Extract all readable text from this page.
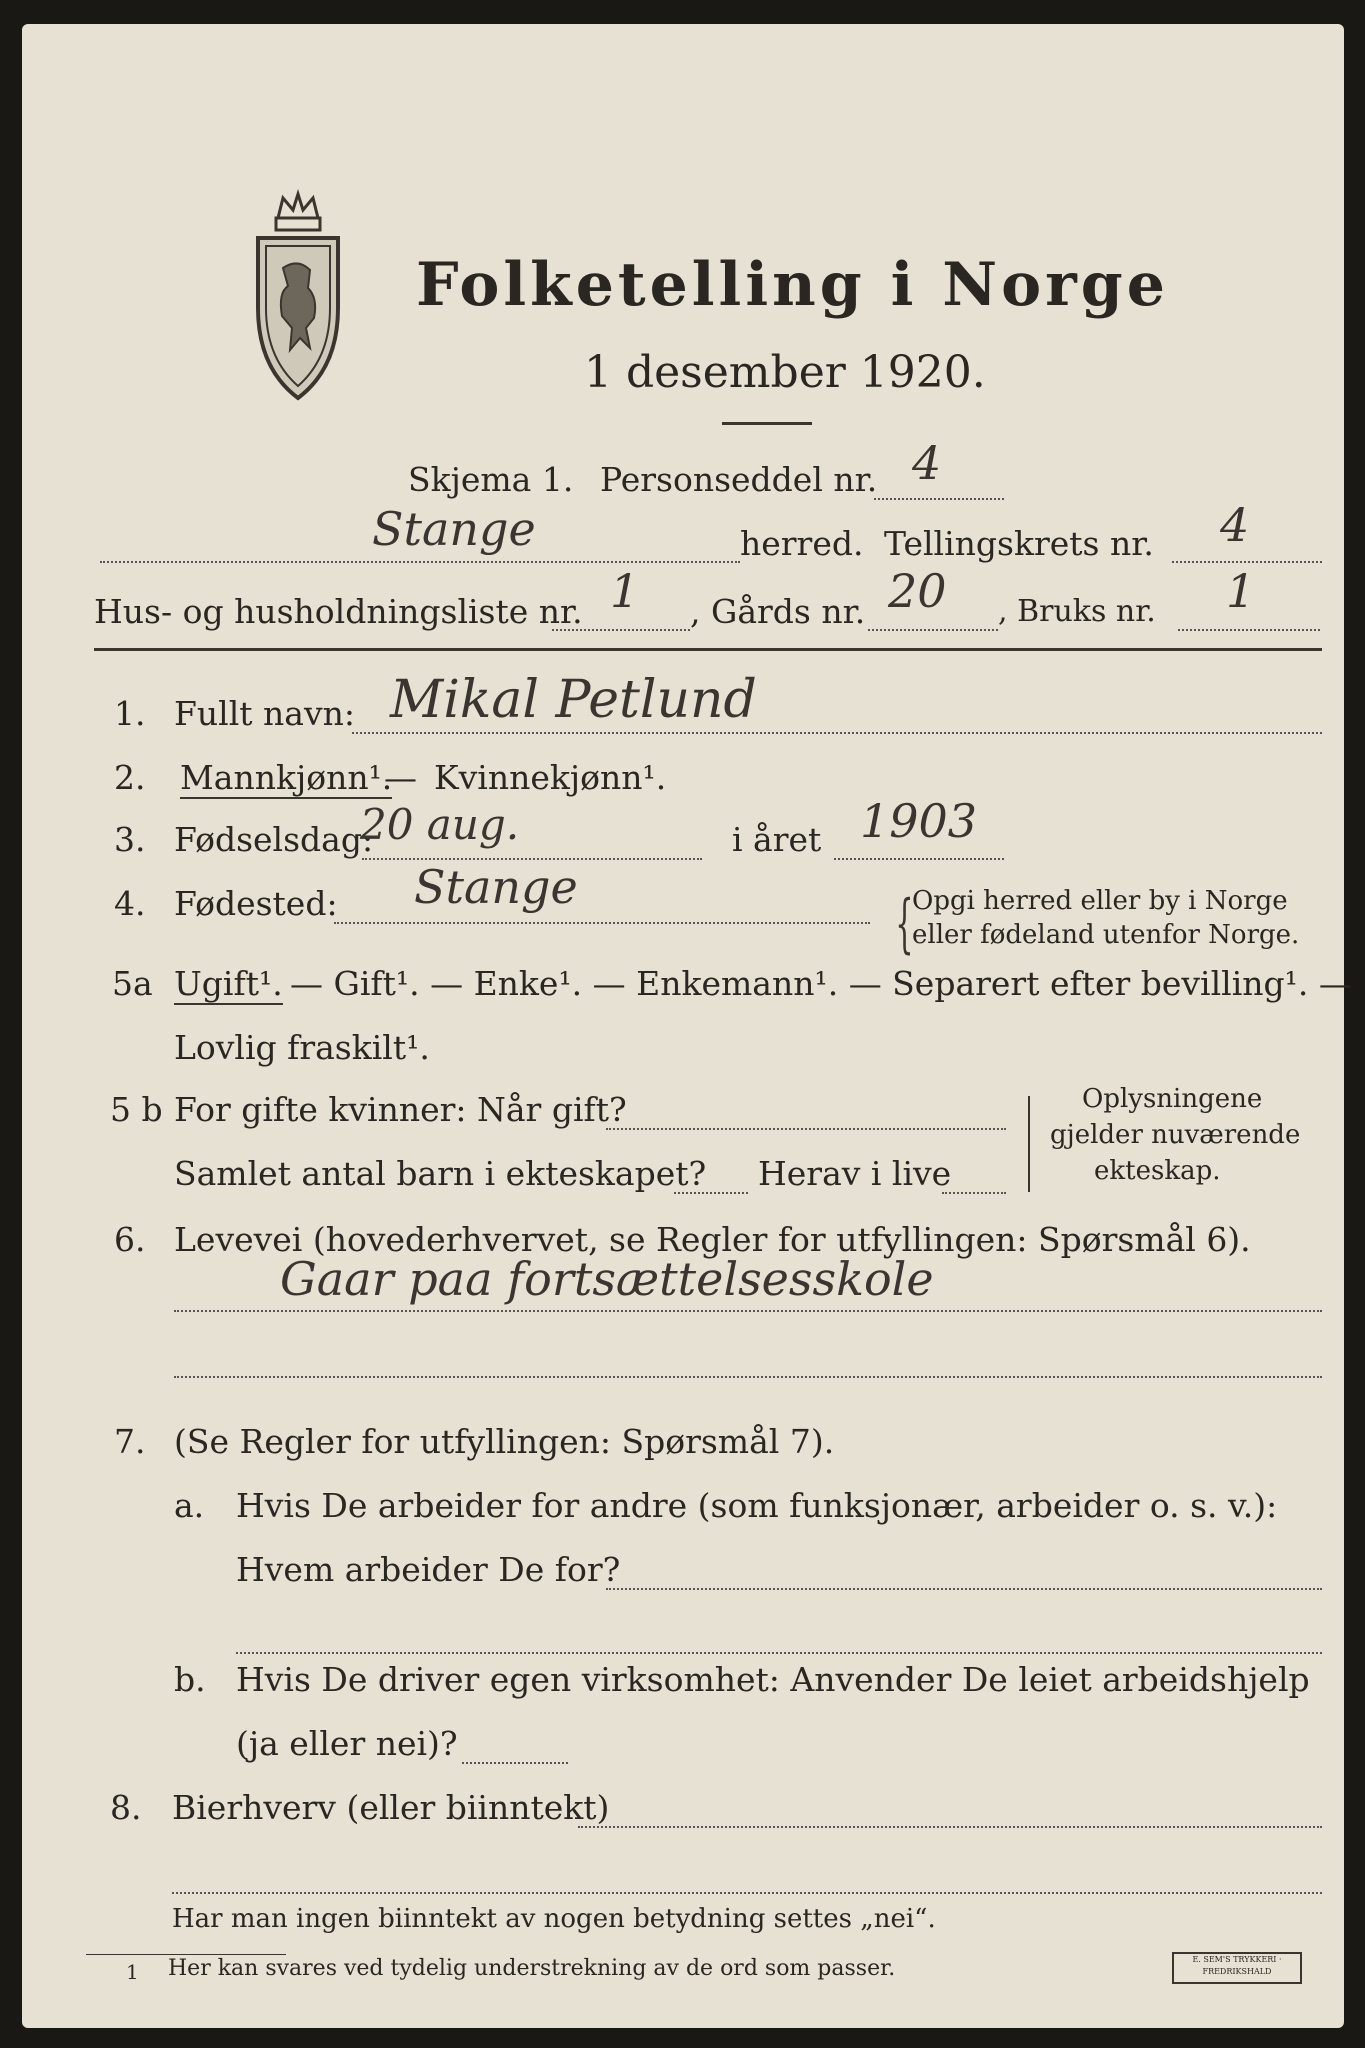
Folketelling i Norge
1 desember 1920.
Skjema 1. Personseddel nr. 4
Stange	herred. Tellingskrets nr. 4
Hus- og husholdningsliste nr. 1 , Gårds nr. 20 , Bruks nr. 1
1. Fullt navn: Mikal Petlund
2. Mannkjønn¹.
— Kvinnekjønn¹.
3. Fødselsdag:
20 aug.	i året 1903
4. Fødested: Stange	{
Opgi herred eller by i Norge
eller fødeland utenfor Norge.
5a Ugift¹. — Gift¹. — Enke¹. — Enkemann¹. — Separert efter bevilling¹. —
Lovlig fraskilt¹.
5 b For gifte kvinner: Når gift?
Samlet antal barn i ekteskapet? Herav i live
Oplysningene
gjelder nuværende
ekteskap.
6. Levevei (hovederhvervet, se Regler for utfyllingen: Spørsmål 6).
Gaar paa fortsættelsesskole
7. (Se Regler for utfyllingen: Spørsmål 7).
a. Hvis De arbeider for andre (som funksjonær, arbeider o. s. v.):
Hvem arbeider De for?
b. Hvis De driver egen virksomhet: Anvender De leiet arbeidshjelp
(ja eller nei)?
8. Bierhverv (eller biinntekt)
Har man ingen biinntekt av nogen betydning settes „nei“.
1 Her kan svares ved tydelig understrekning av de ord som passer.	E. SEM'S TRYKKERI · FREDRIKSHALD
